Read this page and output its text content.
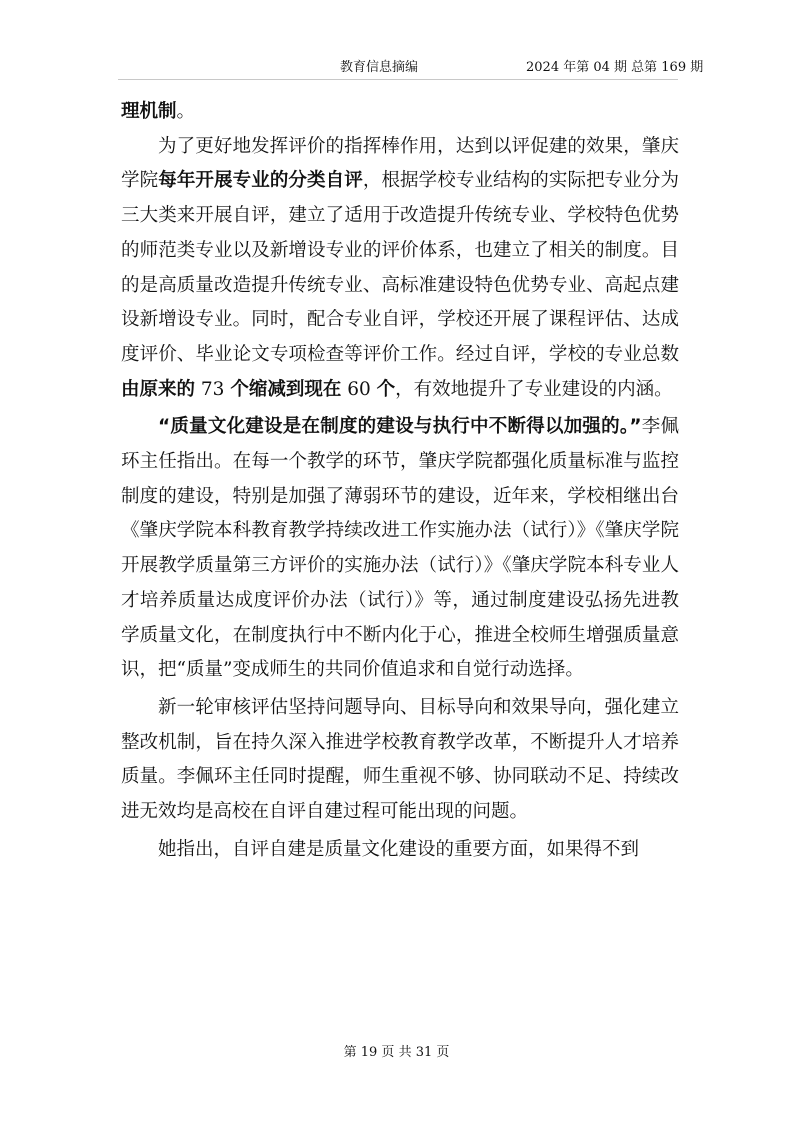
教育信息摘编	2024 年第 04 期 总第 169 期

理机制。

为了更好地发挥评价的指挥棒作用，达到以评促建的效果，肇庆学院每年开展专业的分类自评，根据学校专业结构的实际把专业分为三大类来开展自评，建立了适用于改造提升传统专业、学校特色优势的师范类专业以及新增设专业的评价体系，也建立了相关的制度。目的是高质量改造提升传统专业、高标准建设特色优势专业、高起点建设新增设专业。同时，配合专业自评，学校还开展了课程评估、达成度评价、毕业论文专项检查等评价工作。经过自评，学校的专业总数由原来的 73 个缩减到现在 60 个，有效地提升了专业建设的内涵。

“质量文化建设是在制度的建设与执行中不断得以加强的。”李佩环主任指出。在每一个教学的环节，肇庆学院都强化质量标准与监控制度的建设，特别是加强了薄弱环节的建设，近年来，学校相继出台《肇庆学院本科教育教学持续改进工作实施办法（试行）》《肇庆学院开展教学质量第三方评价的实施办法（试行）》《肇庆学院本科专业人才培养质量达成度评价办法（试行）》等，通过制度建设弘扬先进教学质量文化，在制度执行中不断内化于心，推进全校师生增强质量意识，把“质量”变成师生的共同价值追求和自觉行动选择。

新一轮审核评估坚持问题导向、目标导向和效果导向，强化建立整改机制，旨在持久深入推进学校教育教学改革，不断提升人才培养质量。李佩环主任同时提醒，师生重视不够、协同联动不足、持续改进无效均是高校在自评自建过程可能出现的问题。

她指出，自评自建是质量文化建设的重要方面，如果得不到

第 19 页 共 31 页
